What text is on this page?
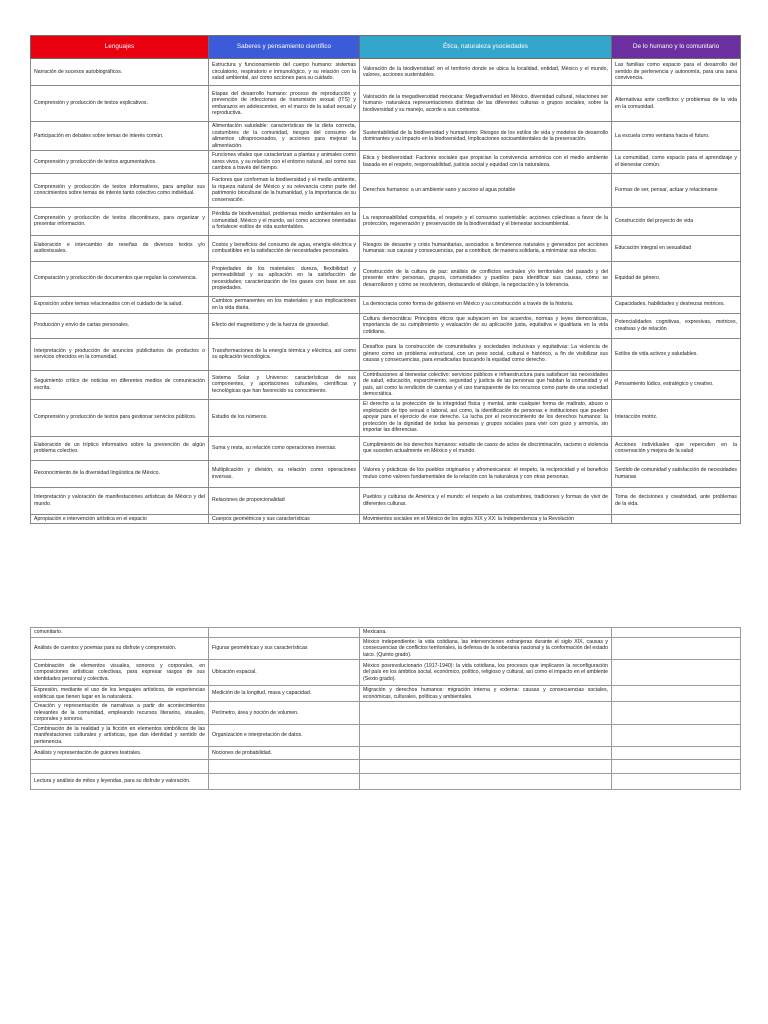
Lenguajes	Saberes y pensamiento científico	Ética, naturaleza ysociedades	De lo humano y lo comunitario
Narración de sucesos autobiográficos.	Estructura y funcionamiento del cuerpo humano: sistemas circulatorio, respiratorio e inmunológico, y su relación con la salud ambiental, así como acciones para su cuidado.	Valoración de la biodiversidad: en el territorio donde se ubica la localidad, entidad, México y el mundo, valores, acciones sustentables.	Las familias como espacio para el desarrollo del sentido de pertenencia y autonomía, para una sana convivencia.
Comprensión y producción de textos explicativos.	Etapas del desarrollo humano: proceso de reproducción y prevención de infecciones de transmisión sexual (ITS) y embarazos en adolescentes, en el marco de la salud sexual y reproductiva.	Valoración de la megadiversidad mexicana: Megadiversidad en México, diversidad cultural, relaciones ser humano- naturaleza representaciones distintas de las diferentes culturas o grupos sociales, sobre la biodiversidad y su manejo, acorde a sus contextos.	Alternativas ante conflictos y problemas de la vida en la comunidad.
Participación en debates sobre temas de interés común.	Alimentación saludable: características de la dieta correcta, costumbres de la comunidad, riesgos del consumo de alimentos ultraprocesados, y acciones para mejorar la alimentación.	Sustentabilidad de la biodiversidad y humanismo: Riesgos de los estilos de vida y modelos de desarrollo dominantes y su impacto en la biodiversidad, Implicaciones socioambientales de la preservación.	La escuela como ventana hacia el futuro.
Comprensión y producción de textos argumentativos.	Funciones vitales que caracterizan a plantas y animales como seres vivos, y su relación con el entorno natural, así como sus cambios a través del tiempo.	Ética y biodiversidad: Factores sociales que propician la convivencia armónica con el medio ambiente basada en el respeto, responsabilidad, justicia social y equidad con la naturaleza.	La comunidad, como espacio para el aprendizaje y el bienestar común.
Comprensión y producción de textos informativos, para ampliar sus conocimientos sobre temas de interés tanto colectivo como individual.	Factores que conforman la biodiversidad y el medio ambiente, la riqueza natural de México y su relevancia como parte del patrimonio biocultural de la humanidad, y la importancia de su conservación.	Derechos humanos: a un ambiente sano y acceso al agua potable	Formas de ser, pensar, actuar y relacionarse
Comprensión y producción de textos discontinuos, para organizar y presentar información.	Pérdida de biodiversidad, problemas medio ambientales en la comunidad, México y el mundo, así como acciones orientadas a fortalecer estilos de vida sustentables.	La responsabilidad compartida, el respeto y el consumo sustentable: acciones colectivas a favor de la protección, regeneración y preservación de la biodiversidad y el bienestar socioambiental.	Construcción del proyecto de vida
Elaboración e intercambio de reseñas de diversos textos y/o audiovisuales.	Costos y beneficios del consumo de agua, energía eléctrica y combustibles en la satisfacción de necesidades personales.	Riesgos de desastre y crisis humanitarias, asociados a fenómenos naturales y generados por acciones humanas: sus causas y consecuencias, par a contribuir, de manera solidaria, a minimizar sus efectos.	Educación integral en sexualidad
Comparación y producción de documentos que regulan la convivencia.	Propiedades de los materiales: dureza, flexibilidad y permeabilidad y su aplicación en la satisfacción de necesidades; caracterización de los gases con base en sus propiedades.	Construcción de la cultura de paz: análisis de conflictos vecinales y/o territoriales del pasado y del presente entre personas, grupos, comunidades y pueblos para identificar sus causas, cómo se desarrollaron y cómo se resolvieron, destacando el diálogo, la negociación y la tolerancia.	Equidad de género.
Exposición sobre temas relacionados con el cuidado de la salud.	Cambios permanentes en los materiales y sus implicaciones en la vida diaria.	La democracia como forma de gobierno en México y su construcción a través de la historia.	Capacidades, habilidades y destrezas motrices.
Producción y envío de cartas personales.	Efecto del magnetismo y de la fuerza de gravedad.	Cultura democrática: Principios éticos que subyacen en los acuerdos, normas y leyes democráticas, importancia de su cumplimiento y evaluación de su aplicación justa, equitativa e igualitaria en la vida cotidiana.	Potencialidades cognitivas, expresivas, motrices, creativas y de relación
Interpretación y producción de anuncios publicitarios de productos o servicios ofrecidos en la comunidad.	Transformaciones de la energía térmica y eléctrica, así como su aplicación tecnológica.	Desafíos para la construcción de comunidades y sociedades inclusivas y equitativas: La violencia de género como un problema estructural, con un peso social, cultural e histórico, a fin de visibilizar sus causas y consecuencias, para erradicarlas buscando la equidad como derecho.	Estilos de vida activos y saludables.
Seguimiento crítico de noticias en diferentes medios de comunicación escrita.	Sistema Solar y Universo: características de sus componentes, y aportaciones culturales, científicas y tecnológicas que han favorecido su conocimiento.	Contribuciones al bienestar colectivo: servicios públicos e infraestructura para satisfacer las necesidades de salud, educación, esparcimiento, seguridad y justicia de las personas que habitan la comunidad y el país, así como la rendición de cuentas y el uso transparente de los recursos como parte de una sociedad democrática.	Pensamiento lúdico, estratégico y creativo.
Comprensión y producción de textos para gestionar servicios públicos.	Estudio de los números.	El derecho a la protección de la integridad física y mental, ante cualquier forma de maltrato, abuso o explotación de tipo sexual o laboral, así como, la identificación de personas e instituciones que pueden apoyar para el ejercicio de ese derecho. La lucha por el reconocimiento de los derechos humanos: la protección de la dignidad de todas las personas y grupos sociales para vivir con gozo y armonía, sin importar las diferencias.	Interacción motriz.
Elaboración de un tríptico informativo sobre la prevención de algún problema colectivo.	Suma y resta, su relación como operaciones inversas.	Cumplimiento de los derechos humanos: estudio de casos de actos de discriminación, racismo o violencia que suceden actualmente en México y el mundo.	Acciones individuales que repercuten en la conservación y mejora de la salud
Reconocimiento de la diversidad lingüística de México.	Multiplicación y división, su relación como operaciones inversas.	Valores y prácticas de los pueblos originarios y afromexicanos: el respeto, la reciprocidad y el beneficio mutuo como valores fundamentales de la relación con la naturaleza y con otras personas.	Sentido de comunidad y satisfacción de necesidades humanas
Interpretación y valoración de manifestaciones artísticas de México y del mundo.	Relaciones de proporcionalidad	Pueblos y culturas de América y el mundo: el respeto a las costumbres, tradiciones y formas de vivir de diferentes culturas.	Toma de decisiones y creatividad, ante problemas de la vida.
Apropiación e intervención artística en el espacio	Cuerpos geométricos y sus características	Movimientos sociales en el México de los siglos XIX y XX: la Independencia y la Revolución	
comunitario.		Mexicana.	
Análisis de cuentos y poemas para su disfrute y comprensión.	Figuras geométricas y sus características	México independiente: la vida cotidiana, las intervenciones extranjeras durante el siglo XIX, causas y consecuencias de conflictos territoriales, la defensa de la soberanía nacional y la conformación del estado laico. (Quinto grado).	
Combinación de elementos visuales, sonoros y corporales, en composiciones artísticas colectivas, para expresar rasgos de sus identidades personal y colectiva.	Ubicación espacial.	México posrevolucionario (1917-1940): la vida cotidiana, los procesos que implicaron la reconfiguración del país en los ámbitos social, económico, político, religioso y cultural, así como el impacto en el ambiente (Sexto grado).	
Expresión, mediante el uso de los lenguajes artísticos, de experiencias estéticas que tienen lugar en la naturaleza.	Medición de la longitud, masa y capacidad.	Migración y derechos humanos: migración interna y externa: causas y consecuencias sociales, económicas, culturales, políticas y ambientales.	
Creación y representación de narrativas a partir de acontecimientos relevantes de la comunidad, empleando recursos literarios, visuales, corporales y sonoros.	Perímetro, área y noción de volumen.		
Combinación de la realidad y la ficción en elementos simbólicos de las manifestaciones culturales y artísticas, que dan identidad y sentido de pertenencia.	Organización e interpretación de datos.		
Análisis y representación de guiones teatrales.	Nociones de probabilidad.		

Lectura y análisis de mitos y leyendas, para su disfrute y valoración.			
